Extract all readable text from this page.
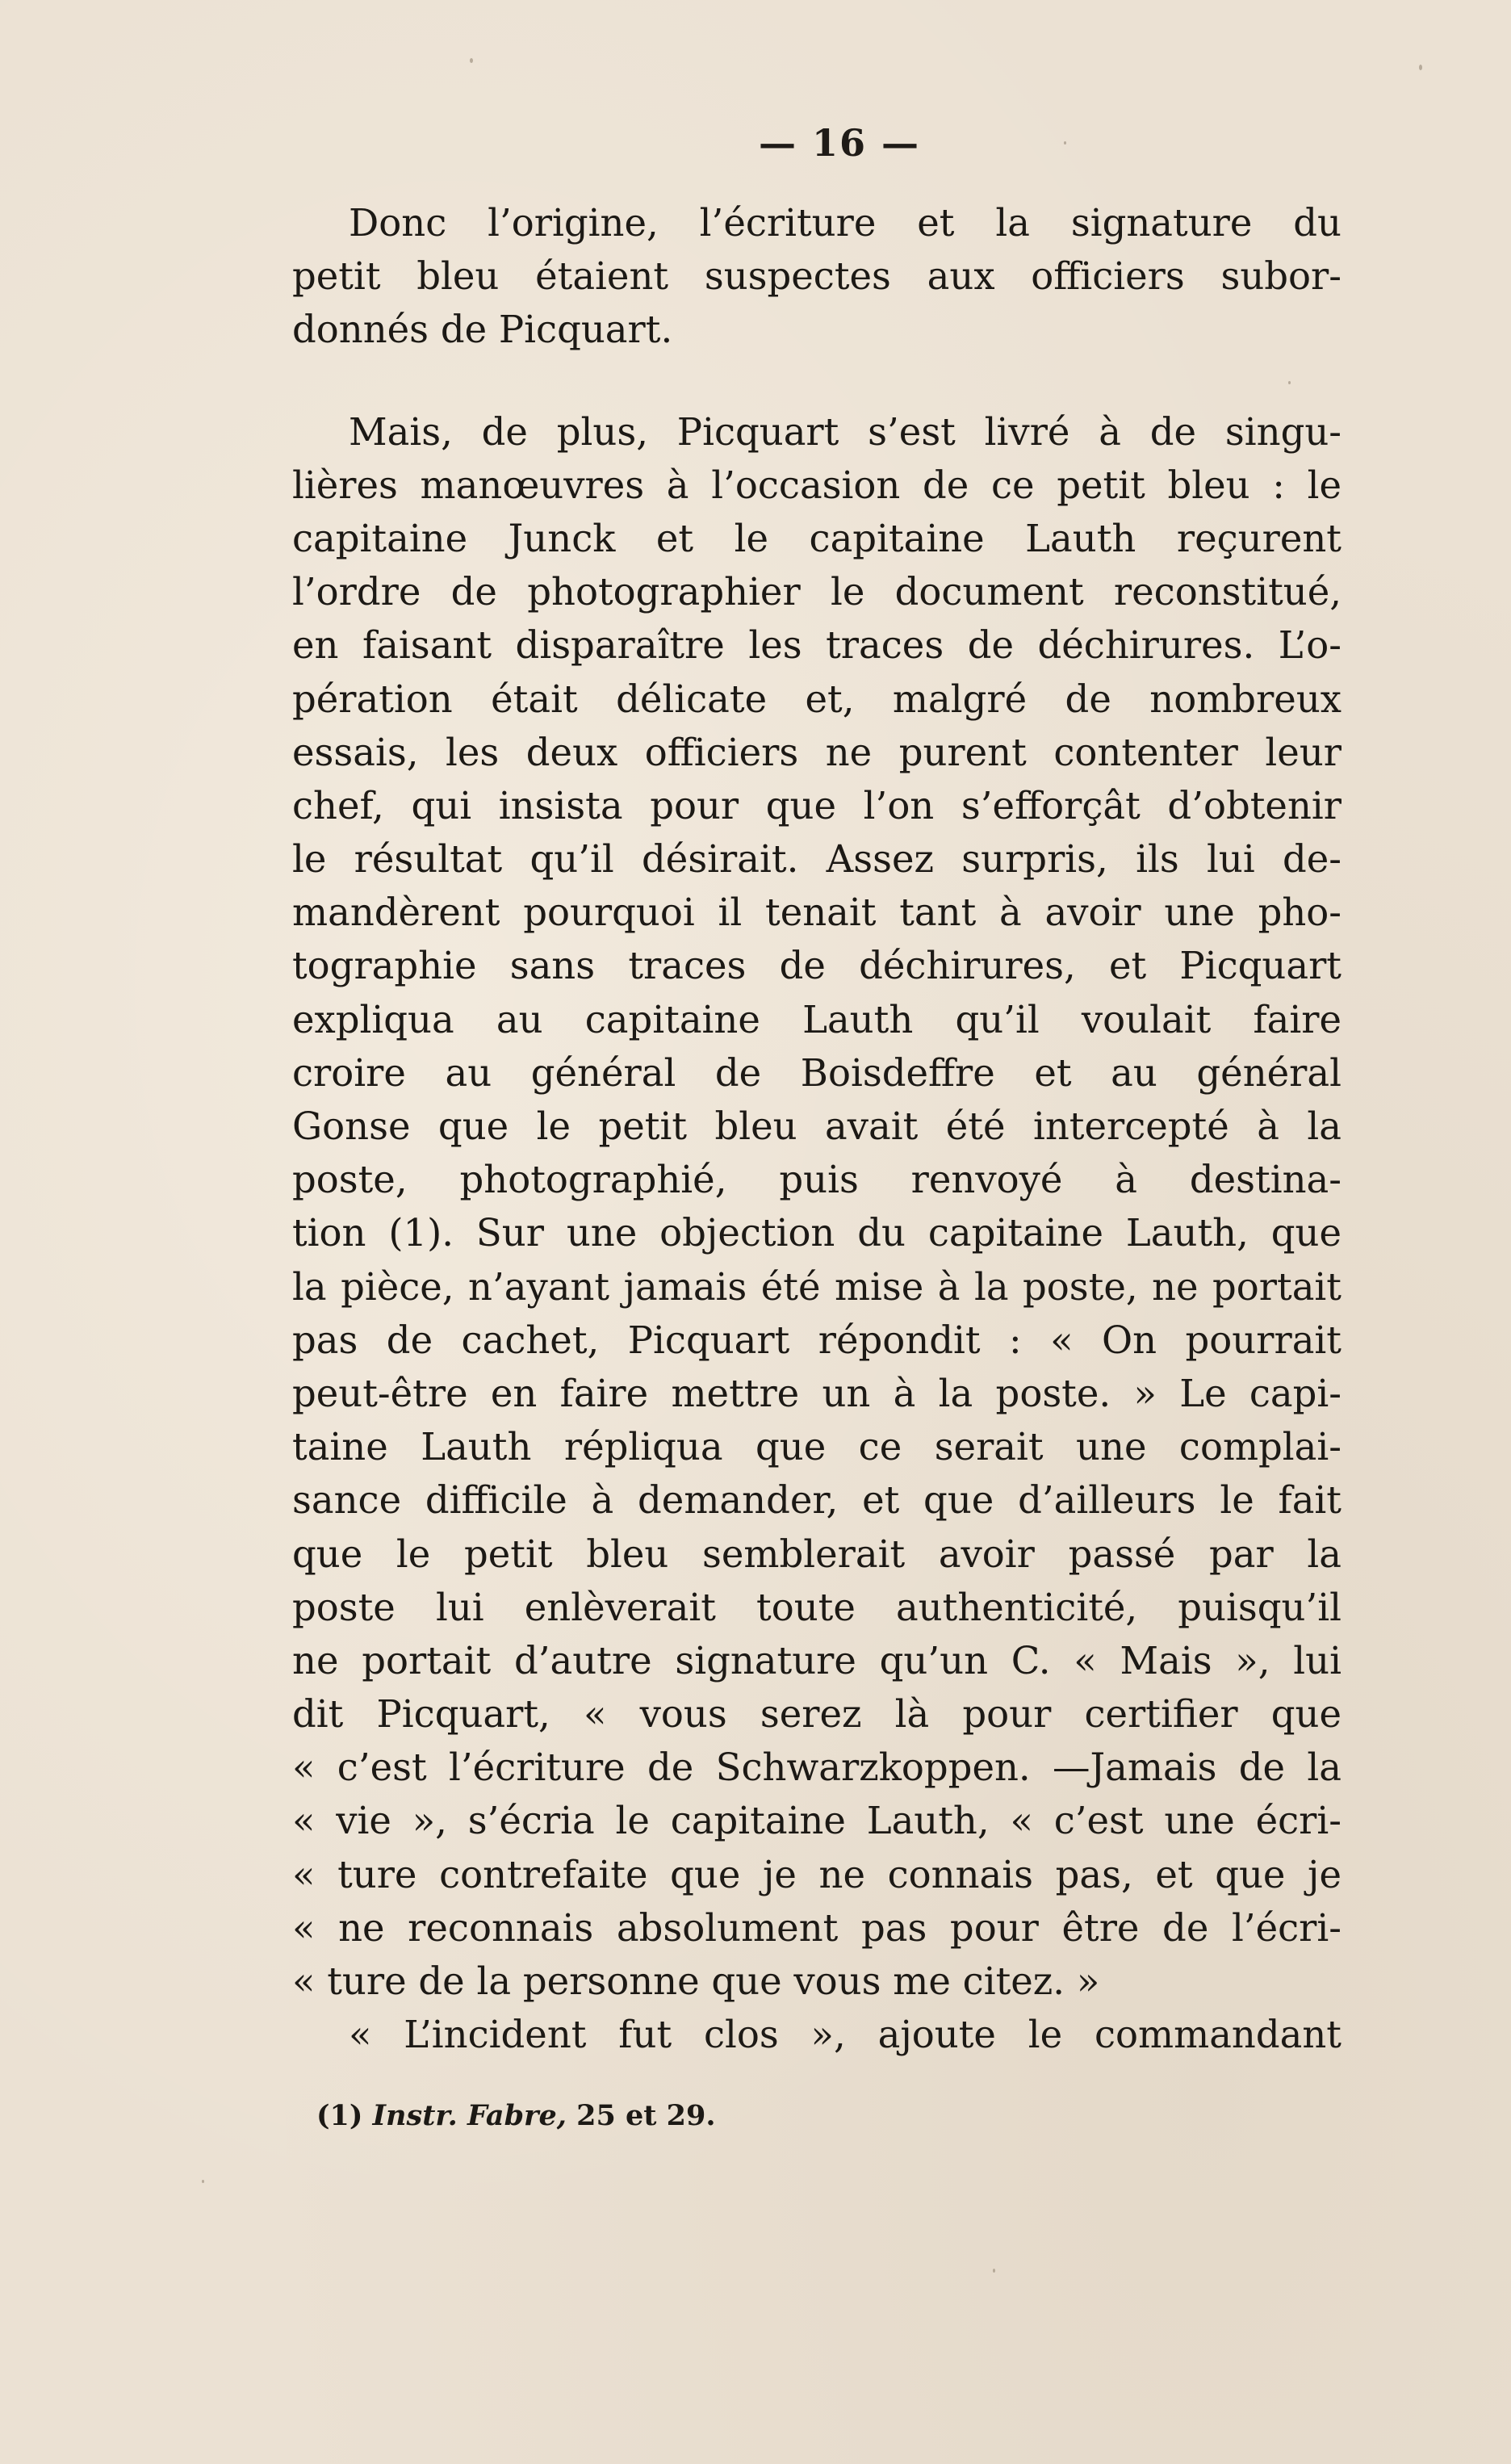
— 16 —
Donc l’origine, l’écriture et la signature du
petit bleu étaient suspectes aux officiers subor-
donnés de Picquart.
Mais, de plus, Picquart s’est livré à de singu-
lières manœuvres à l’occasion de ce petit bleu : le
capitaine Junck et le capitaine Lauth reçurent
l’ordre de photographier le document reconstitué,
en faisant disparaître les traces de déchirures. L’o-
pération était délicate et, malgré de nombreux
essais, les deux officiers ne purent contenter leur
chef, qui insista pour que l’on s’efforçât d’obtenir
le résultat qu’il désirait. Assez surpris, ils lui de-
mandèrent pourquoi il tenait tant à avoir une pho-
tographie sans traces de déchirures, et Picquart
expliqua au capitaine Lauth qu’il voulait faire
croire au général de Boisdeffre et au général
Gonse que le petit bleu avait été intercepté à la
poste, photographié, puis renvoyé à destina-
tion (1). Sur une objection du capitaine Lauth, que
la pièce, n’ayant jamais été mise à la poste, ne portait
pas de cachet, Picquart répondit : « On pourrait
peut-être en faire mettre un à la poste. » Le capi-
taine Lauth répliqua que ce serait une complai-
sance difficile à demander, et que d’ailleurs le fait
que le petit bleu semblerait avoir passé par la
poste lui enlèverait toute authenticité, puisqu’il
ne portait d’autre signature qu’un C. « Mais », lui
dit Picquart, « vous serez là pour certifier que
« c’est l’écriture de Schwarzkoppen. —Jamais de la
« vie », s’écria le capitaine Lauth, « c’est une écri-
« ture contrefaite que je ne connais pas, et que je
« ne reconnais absolument pas pour être de l’écri-
« ture de la personne que vous me citez. »
« L’incident fut clos », ajoute le commandant
(1) Instr. Fabre, 25 et 29.
